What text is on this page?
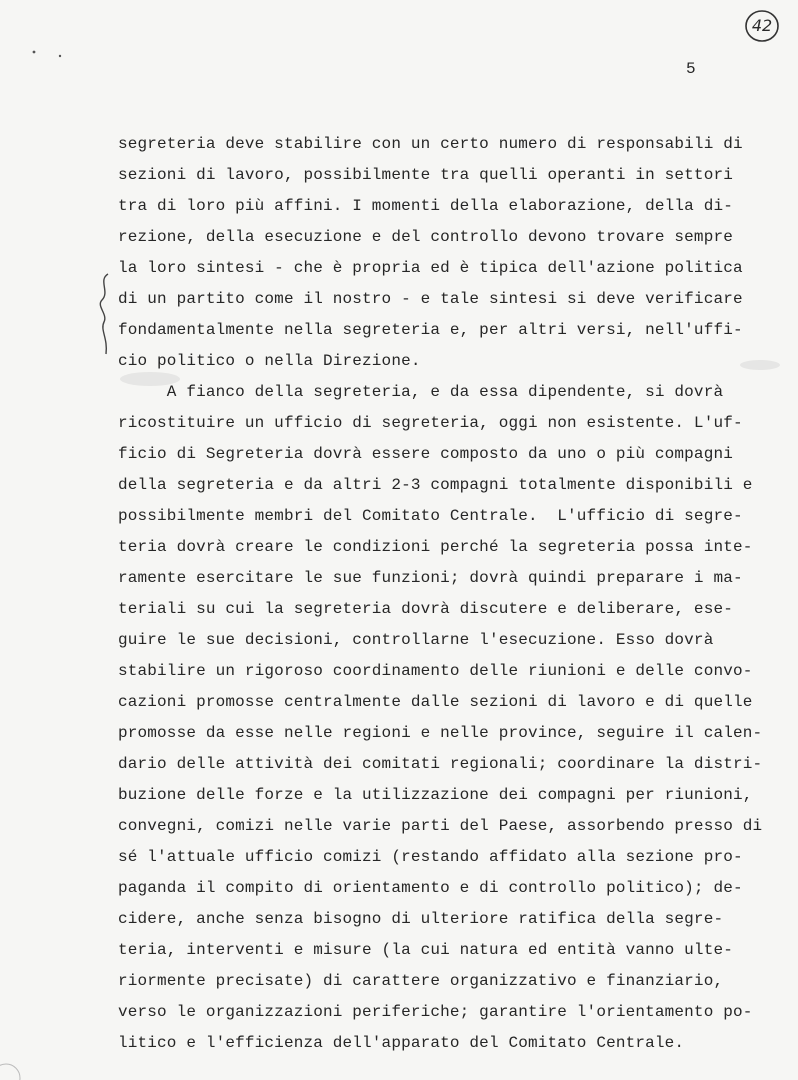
42
5
segreteria deve stabilire con un certo numero di responsabili di
sezioni di lavoro, possibilmente tra quelli operanti in settori
tra di loro più affini. I momenti della elaborazione, della di-
rezione, della esecuzione e del controllo devono trovare sempre
la loro sintesi - che è propria ed è tipica dell'azione politica
di un partito come il nostro - e tale sintesi si deve verificare
fondamentalmente nella segreteria e, per altri versi, nell'uffi-
cio politico o nella Direzione.
A fianco della segreteria, e da essa dipendente, si dovrà
ricostituire un ufficio di segreteria, oggi non esistente. L'uf-
ficio di Segreteria dovrà essere composto da uno o più compagni
della segreteria e da altri 2-3 compagni totalmente disponibili e
possibilmente membri del Comitato Centrale.  L'ufficio di segre-
teria dovrà creare le condizioni perché la segreteria possa inte-
ramente esercitare le sue funzioni; dovrà quindi preparare i ma-
teriali su cui la segreteria dovrà discutere e deliberare, ese-
guire le sue decisioni, controllarne l'esecuzione. Esso dovrà
stabilire un rigoroso coordinamento delle riunioni e delle convo-
cazioni promosse centralmente dalle sezioni di lavoro e di quelle
promosse da esse nelle regioni e nelle province, seguire il calen-
dario delle attività dei comitati regionali; coordinare la distri-
buzione delle forze e la utilizzazione dei compagni per riunioni,
convegni, comizi nelle varie parti del Paese, assorbendo presso di
sé l'attuale ufficio comizi (restando affidato alla sezione pro-
paganda il compito di orientamento e di controllo politico); de-
cidere, anche senza bisogno di ulteriore ratifica della segre-
teria, interventi e misure (la cui natura ed entità vanno ulte-
riormente precisate) di carattere organizzativo e finanziario,
verso le organizzazioni periferiche; garantire l'orientamento po-
litico e l'efficienza dell'apparato del Comitato Centrale.
